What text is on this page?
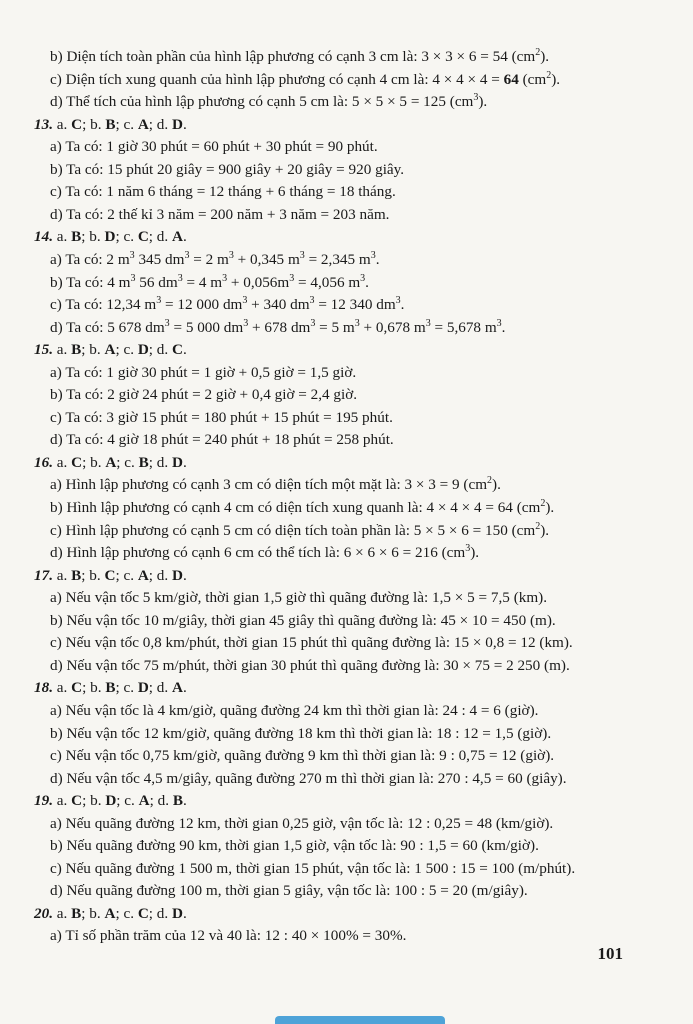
101
b) Diện tích toàn phần của hình lập phương có cạnh 3 cm là: 3 × 3 × 6 = 54 $(cm^2)$.
c) Diện tích xung quanh của hình lập phương có cạnh 4 cm là: 4 × 4 × 4 = 64 $(cm^2)$.
d) Thể tích của hình lập phương có cạnh 5 cm là: 5 × 5 × 5 = 125 $(cm^3)$.
13. a. C; b. B; c. A; d. D.
a) Ta có: 1 giờ 30 phút = 60 phút + 30 phút = 90 phút.
b) Ta có: 15 phút 20 giây = 900 giây + 20 giây = 920 giây.
c) Ta có: 1 năm 6 tháng = 12 tháng + 6 tháng = 18 tháng.
d) Ta có: 2 thế kỉ 3 năm = 200 năm + 3 năm = 203 năm.
14. a. B; b. D; c. C; d. A.
a) Ta có: 2 $m^3$ 345 $dm^3 = 2$ $m^3 + 0,345$ $m^3 = 2,345$ $m^3$.
b) Ta có: 4 $m^3$ 56 $dm^3 = 4$ $m^3 + 0,056m^3 = 4,056$ $m^3$.
c) Ta có: 12,34 $m^3 = 12$ 000 $dm^3 + 340$ $dm^3 = 12$ 340 $dm^3$.
d) Ta có: 5 678 $dm^3 = 5$ 000 $dm^3 + 678$ $dm^3 = 5$ $m^3 + 0,678$ $m^3 = 5,678$ $m^3$.
15. a. B; b. A; c. D; d. C.
a) Ta có: 1 giờ 30 phút = 1 giờ + 0,5 giờ = 1,5 giờ.
b) Ta có: 2 giờ 24 phút = 2 giờ + 0,4 giờ = 2,4 giờ.
c) Ta có: 3 giờ 15 phút = 180 phút + 15 phút = 195 phút.
d) Ta có: 4 giờ 18 phút = 240 phút + 18 phút = 258 phút.
16. a. C; b. A; c. B; d. D.
a) Hình lập phương có cạnh 3 cm có diện tích một mặt là: 3 × 3 = 9 $(cm^2)$.
b) Hình lập phương có cạnh 4 cm có diện tích xung quanh là: 4 × 4 × 4 = 64 $(cm^2)$.
c) Hình lập phương có cạnh 5 cm có diện tích toàn phần là: 5 × 5 × 6 = 150 $(cm^2)$.
d) Hình lập phương có cạnh 6 cm có thể tích là: 6 × 6 × 6 = 216 $(cm^3)$.
17. a. B; b. C; c. A; d. D.
a) Nếu vận tốc 5 km/giờ, thời gian 1,5 giờ thì quãng đường là: 1,5 × 5 = 7,5 (km).
b) Nếu vận tốc 10 m/giây, thời gian 45 giây thì quãng đường là: 45 × 10 = 450 (m).
c) Nếu vận tốc 0,8 km/phút, thời gian 15 phút thì quãng đường là: 15 × 0,8 = 12 (km).
d) Nếu vận tốc 75 m/phút, thời gian 30 phút thì quãng đường là: 30 × 75 = 2 250 (m).
18. a. C; b. B; c. D; d. A.
a) Nếu vận tốc là 4 km/giờ, quãng đường 24 km thì thời gian là: 24 : 4 = 6 (giờ).
b) Nếu vận tốc 12 km/giờ, quãng đường 18 km thì thời gian là: 18 : 12 = 1,5 (giờ).
c) Nếu vận tốc 0,75 km/giờ, quãng đường 9 km thì thời gian là: 9 : 0,75 = 12 (giờ).
d) Nếu vận tốc 4,5 m/giây, quãng đường 270 m thì thời gian là: 270 : 4,5 = 60 (giây).
19. a. C; b. D; c. A; d. B.
a) Nếu quãng đường 12 km, thời gian 0,25 giờ, vận tốc là: 12 : 0,25 = 48 (km/giờ).
b) Nếu quãng đường 90 km, thời gian 1,5 giờ, vận tốc là: 90 : 1,5 = 60 (km/giờ).
c) Nếu quãng đường 1 500 m, thời gian 15 phút, vận tốc là: 1 500 : 15 = 100 (m/phút).
d) Nếu quãng đường 100 m, thời gian 5 giây, vận tốc là: 100 : 5 = 20 (m/giây).
20. a. B; b. A; c. C; d. D.
a) Tỉ số phần trăm của 12 và 40 là: 12 : 40 × 100% = 30%.
